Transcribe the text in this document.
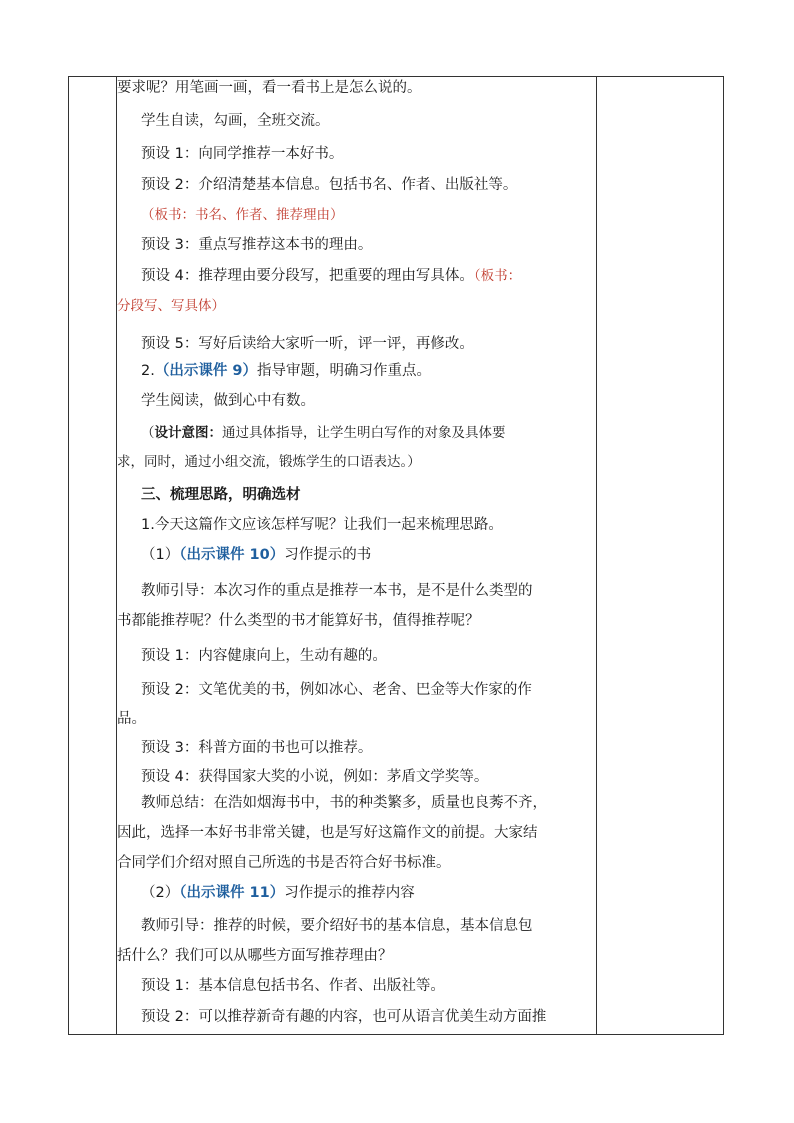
要求呢？用笔画一画，看一看书上是怎么说的。
学生自读，勾画，全班交流。
预设 1：向同学推荐一本好书。
预设 2：介绍清楚基本信息。包括书名、作者、出版社等。
（板书：书名、作者、推荐理由）
预设 3：重点写推荐这本书的理由。
预设 4：推荐理由要分段写，把重要的理由写具体。（板书：
分段写、写具体）
预设 5：写好后读给大家听一听，评一评，再修改。
2.（出示课件 9）指导审题，明确习作重点。
学生阅读，做到心中有数。
（设计意图：通过具体指导，让学生明白写作的对象及具体要
求，同时，通过小组交流，锻炼学生的口语表达。）
三、梳理思路，明确选材
1.今天这篇作文应该怎样写呢？让我们一起来梳理思路。
（1）（出示课件 10）习作提示的书
教师引导：本次习作的重点是推荐一本书，是不是什么类型的
书都能推荐呢？什么类型的书才能算好书，值得推荐呢？
预设 1：内容健康向上，生动有趣的。
预设 2：文笔优美的书，例如冰心、老舍、巴金等大作家的作
品。
预设 3：科普方面的书也可以推荐。
预设 4：获得国家大奖的小说，例如：茅盾文学奖等。
教师总结：在浩如烟海书中，书的种类繁多，质量也良莠不齐，
因此，选择一本好书非常关键，也是写好这篇作文的前提。大家结
合同学们介绍对照自己所选的书是否符合好书标准。
（2）（出示课件 11）习作提示的推荐内容
教师引导：推荐的时候，要介绍好书的基本信息，基本信息包
括什么？我们可以从哪些方面写推荐理由？
预设 1：基本信息包括书名、作者、出版社等。
预设 2：可以推荐新奇有趣的内容，也可从语言优美生动方面推
